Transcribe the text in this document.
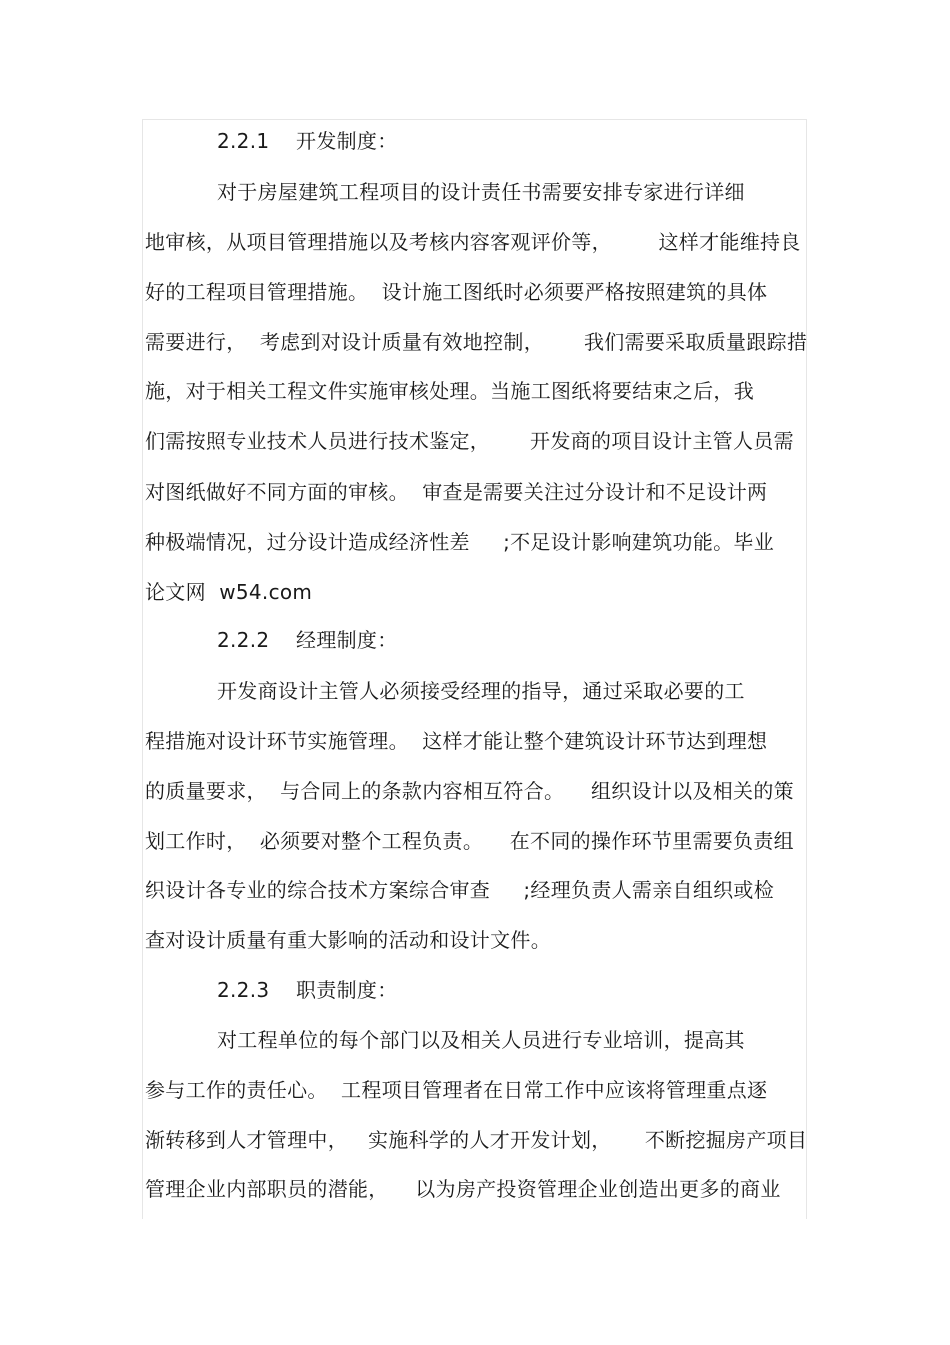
2.2.1    开发制度：
对于房屋建筑工程项目的设计责任书需要安排专家进行详细
地审核，从项目管理措施以及考核内容客观评价等，       这样才能维持良
好的工程项目管理措施。  设计施工图纸时必须要严格按照建筑的具体
需要进行，  考虑到对设计质量有效地控制，      我们需要采取质量跟踪措
施，对于相关工程文件实施审核处理。当施工图纸将要结束之后，我
们需按照专业技术人员进行技术鉴定，      开发商的项目设计主管人员需
对图纸做好不同方面的审核。  审查是需要关注过分设计和不足设计两
种极端情况，过分设计造成经济性差     ;不足设计影响建筑功能。毕业
论文网  w54.com
2.2.2    经理制度：
开发商设计主管人必须接受经理的指导，通过采取必要的工
程措施对设计环节实施管理。  这样才能让整个建筑设计环节达到理想
的质量要求，  与合同上的条款内容相互符合。    组织设计以及相关的策
划工作时，  必须要对整个工程负责。    在不同的操作环节里需要负责组
织设计各专业的综合技术方案综合审查     ;经理负责人需亲自组织或检
查对设计质量有重大影响的活动和设计文件。
2.2.3    职责制度：
对工程单位的每个部门以及相关人员进行专业培训，提高其
参与工作的责任心。  工程项目管理者在日常工作中应该将管理重点逐
渐转移到人才管理中，   实施科学的人才开发计划，     不断挖掘房产项目
管理企业内部职员的潜能，    以为房产投资管理企业创造出更多的商业
